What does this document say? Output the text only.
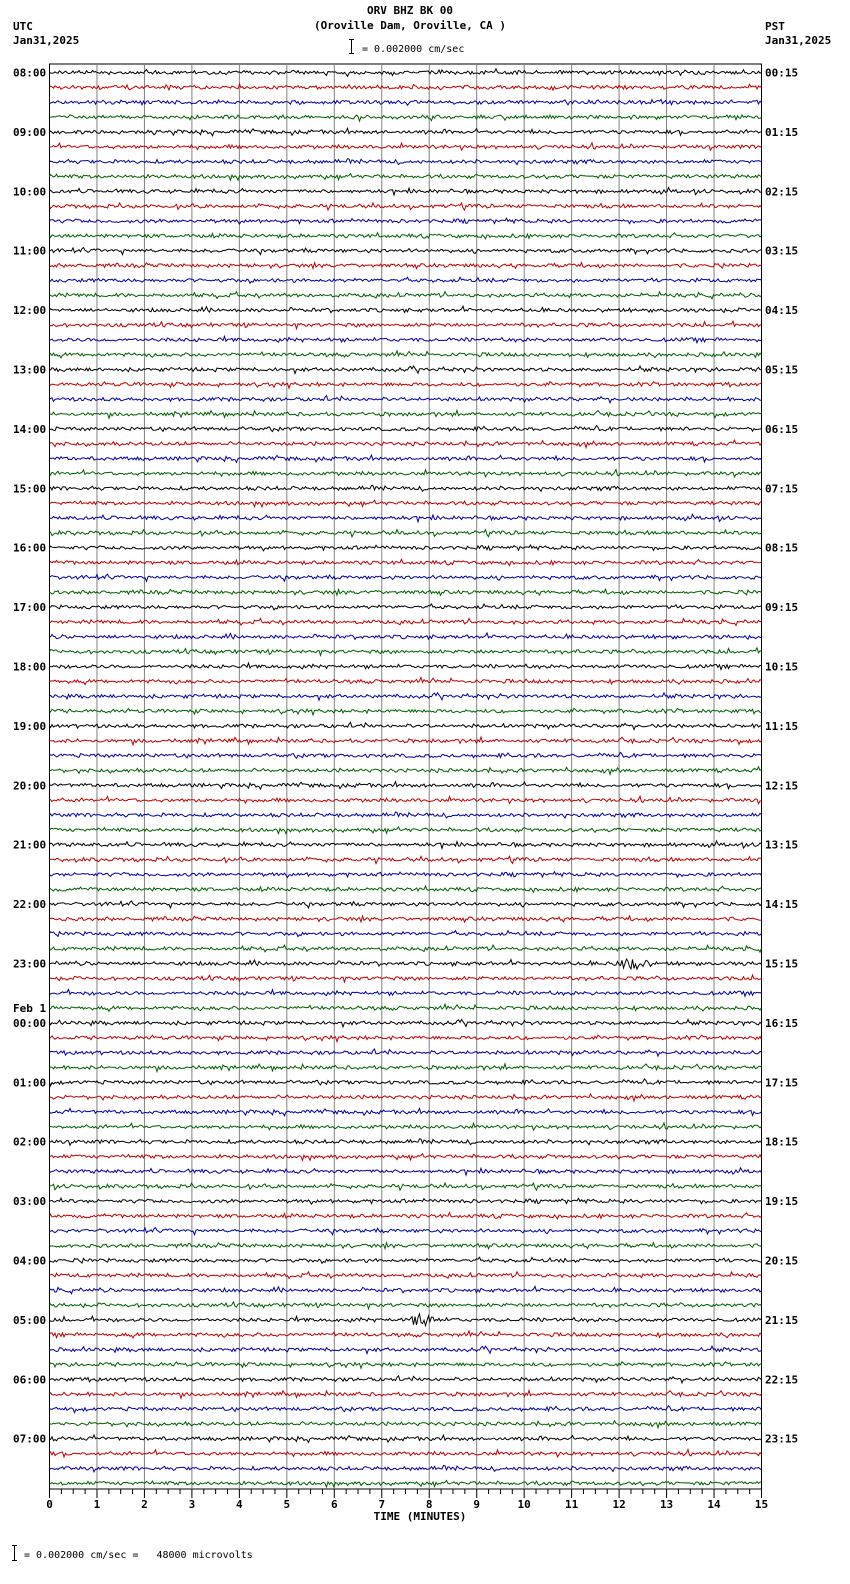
08:00	00:15
09:00	01:15
10:00	02:15
11:00	03:15
12:00	04:15
13:00	05:15
14:00	06:15
15:00	07:15
16:00	08:15
17:00	09:15
18:00	10:15
19:00	11:15
20:00	12:15
21:00	13:15
22:00	14:15
23:00	15:15
00:00	16:15
01:00	17:15
02:00	18:15
03:00	19:15
04:00	20:15
05:00	21:15
06:00	22:15
07:00	23:15
Feb 1
0	1	2	3	4	5	6	7	8	9	10	11	12	13	14	15
ORV BHZ BK 00
(Oroville Dam, Oroville, CA )
= 0.002000 cm/sec
UTC
Jan31,2025
PST
Jan31,2025
TIME (MINUTES)
= 0.002000 cm/sec =   48000 microvolts
